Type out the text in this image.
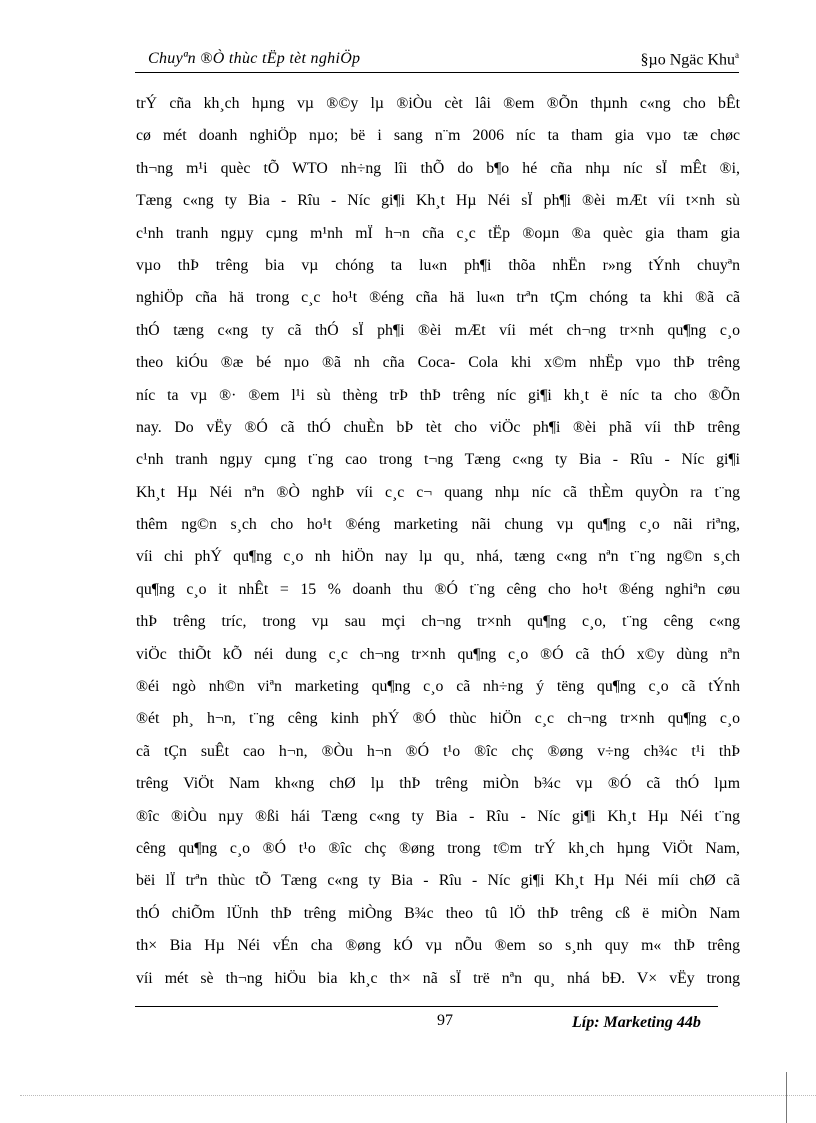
Chuyªn ®Ò thùc tËp tèt nghiÖp	§µo Ngäc Khu$^a$
trÝ cña kh¸ch hµng vµ ®©y lµ ®iÒu cèt lâi ®em ®Õn thµnh c«ng cho bÊt
cø mét doanh nghiÖp nµo; bë i sang n¨m 2006 níc ta tham gia vµo tæ chøc
th¬ng m¹i quèc tÕ WTO nh÷ng lîi thÕ do b¶o hé cña nhµ níc sÏ mÊt ®i,
Tæng c«ng ty Bia - Rîu - Níc gi¶i Kh¸t Hµ Néi sÏ ph¶i ®èi mÆt víi t×nh sù
c¹nh tranh ngµy cµng m¹nh mÏ h¬n cña c¸c tËp ®oµn ®a quèc gia tham gia
vµo thÞ trêng bia vµ chóng ta lu«n ph¶i thõa nhËn r»ng tÝnh chuyªn
nghiÖp cña hä trong c¸c ho¹t ®éng cña hä lu«n trªn tÇm chóng ta khi ®ã cã
thÓ tæng c«ng ty cã thÓ sÏ ph¶i ®èi mÆt víi mét ch¬ng tr×nh qu¶ng c¸o
theo kiÓu ®æ bé nµo ®ã nh cña Coca- Cola khi x©m nhËp vµo thÞ trêng
níc ta vµ ®· ®em l¹i sù thèng trÞ thÞ trêng níc gi¶i kh¸t ë níc ta cho ®Õn
nay. Do vËy ®Ó cã thÓ chuÈn bÞ tèt cho viÖc ph¶i ®èi phã víi thÞ trêng
c¹nh tranh ngµy cµng t¨ng cao trong t¬ng Tæng c«ng ty Bia - Rîu - Níc gi¶i
Kh¸t Hµ Néi nªn ®Ò nghÞ víi c¸c c¬ quang nhµ níc cã thÈm quyÒn ra t¨ng
thêm ng©n s¸ch cho ho¹t ®éng marketing nãi chung vµ qu¶ng c¸o nãi riªng,
víi chi phÝ qu¶ng c¸o nh hiÖn nay lµ qu¸ nhá, tæng c«ng nªn t¨ng ng©n s¸ch
qu¶ng c¸o it nhÊt = 15 % doanh thu ®Ó t¨ng cêng cho ho¹t ®éng nghiªn cøu
thÞ trêng tríc, trong vµ sau mçi ch¬ng tr×nh qu¶ng c¸o, t¨ng cêng c«ng
viÖc thiÕt kÕ néi dung c¸c ch¬ng tr×nh qu¶ng c¸o ®Ó cã thÓ x©y dùng nªn
®éi ngò nh©n viªn marketing qu¶ng c¸o cã nh÷ng ý tëng qu¶ng c¸o cã tÝnh
®ét ph¸ h¬n, t¨ng cêng kinh phÝ ®Ó thùc hiÖn c¸c ch¬ng tr×nh qu¶ng c¸o
cã tÇn suÊt cao h¬n, ®Òu h¬n ®Ó t¹o ®îc chç ®øng v÷ng ch¾c t¹i thÞ
trêng ViÖt Nam kh«ng chØ lµ thÞ trêng miÒn b¾c vµ ®Ó cã thÓ lµm
®îc ®iÒu nµy ®ßi hái Tæng c«ng ty Bia - Rîu - Níc gi¶i Kh¸t Hµ Néi t¨ng
cêng qu¶ng c¸o ®Ó t¹o ®îc chç ®øng trong t©m trÝ kh¸ch hµng ViÖt Nam,
bëi lÏ trªn thùc tÕ Tæng c«ng ty Bia - Rîu - Níc gi¶i Kh¸t Hµ Néi míi chØ cã
thÓ chiÕm lÜnh thÞ trêng miÒng B¾c theo tû lÖ thÞ trêng cß ë miÒn Nam
th× Bia Hµ Néi vÉn cha ®øng kÓ vµ nÕu ®em so s¸nh quy m« thÞ trêng
víi mét sè th¬ng hiÖu bia kh¸c th× nã sÏ trë nªn qu¸ nhá bÐ. V× vËy trong
97	Líp: Marketing 44b
